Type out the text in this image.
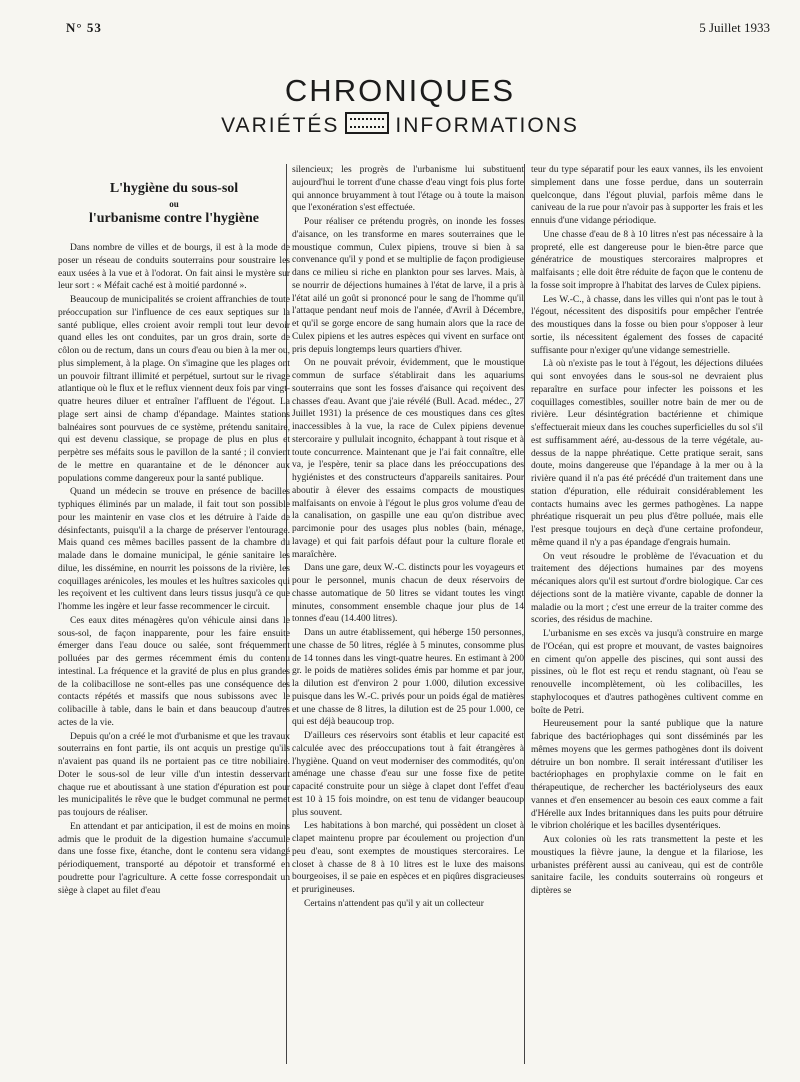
N° 53	5 Juillet 1933
CHRONIQUES
VARIÉTÉS	INFORMATIONS
L'hygiène du sous-sol
ou
l'urbanisme contre l'hygiène

Dans nombre de villes et de bourgs, il est à la mode de poser un réseau de conduits souterrains pour soustraire les eaux usées à la vue et à l'odorat. On fait ainsi le mystère sur leur sort : « Méfait caché est à moitié pardonné ».

Beaucoup de municipalités se croient affranchies de toute préoccupation sur l'influence de ces eaux septiques sur la santé publique, elles croient avoir rempli tout leur devoir quand elles les ont conduites, par un gros drain, sorte de côlon ou de rectum, dans un cours d'eau ou bien à la mer ou, plus simplement, à la plage. On s'imagine que les plages ont un pouvoir filtrant illimité et perpétuel, surtout sur le rivage atlantique où le flux et le reflux viennent deux fois par vingt-quatre heures diluer et entraîner l'affluent de l'égout. La plage sert ainsi de champ d'épandage. Maintes stations balnéaires sont pourvues de ce système, prétendu sanitaire, qui est devenu classique, se propage de plus en plus et perpètre ses méfaits sous le pavillon de la santé ; il convient de le mettre en quarantaine et de le dénoncer aux populations comme dangereux pour la santé publique.

Quand un médecin se trouve en présence de bacilles typhiques éliminés par un malade, il fait tout son possible pour les maintenir en vase clos et les détruire à l'aide de désinfectants, puisqu'il a la charge de préserver l'entourage. Mais quand ces mêmes bacilles passent de la chambre du malade dans le domaine municipal, le génie sanitaire les dilue, les dissémine, en nourrit les poissons de la rivière, les coquillages arénicoles, les moules et les huîtres saxicoles qui les reçoivent et les cultivent dans leurs tissus jusqu'à ce que l'homme les ingère et leur fasse recommencer le circuit.

Ces eaux dites ménagères qu'on véhicule ainsi dans le sous-sol, de façon inapparente, pour les faire ensuite émerger dans l'eau douce ou salée, sont fréquemment polluées par des germes récemment émis du contenu intestinal. La fréquence et la gravité de plus en plus grandes de la colibacillose ne sont-elles pas une conséquence des contacts répétés et massifs que nous subissons avec le colibacille à table, dans le bain et dans beaucoup d'autres actes de la vie.

Depuis qu'on a créé le mot d'urbanisme et que les travaux souterrains en font partie, ils ont acquis un prestige qu'ils n'avaient pas quand ils ne portaient pas ce titre nobiliaire. Doter le sous-sol de leur ville d'un intestin desservant chaque rue et aboutissant à une station d'épuration est pour les municipalités le rêve que le budget communal ne permet pas toujours de réaliser.

En attendant et par anticipation, il est de moins en moins admis que le produit de la digestion humaine s'accumule dans une fosse fixe, étanche, dont le contenu sera vidangé périodiquement, transporté au dépotoir et transformé en poudrette pour l'agriculture. A cette fosse correspondait un siège à clapet au filet d'eau

silencieux; les progrès de l'urbanisme lui substituent aujourd'hui le torrent d'une chasse d'eau vingt fois plus forte qui annonce bruyamment à tout l'étage ou à toute la maison que l'exonération s'est effectuée.

Pour réaliser ce prétendu progrès, on inonde les fosses d'aisance, on les transforme en mares souterraines que le moustique commun, Culex pipiens, trouve si bien à sa convenance qu'il y pond et se multiplie de façon prodigieuse dans ce milieu si riche en plankton pour ses larves. Mais, à se nourrir de déjections humaines à l'état de larve, il a pris à l'état ailé un goût si prononcé pour le sang de l'homme qu'il l'attaque pendant neuf mois de l'année, d'Avril à Décembre, et qu'il se gorge encore de sang humain alors que la race de Culex pipiens et les autres espèces qui vivent en surface ont pris depuis longtemps leurs quartiers d'hiver.

On ne pouvait prévoir, évidemment, que le moustique commun de surface s'établirait dans les aquariums souterrains que sont les fosses d'aisance qui reçoivent des chasses d'eau. Avant que j'aie révélé (Bull. Acad. médec., 27 Juillet 1931) la présence de ces moustiques dans ces gîtes inaccessibles à la vue, la race de Culex pipiens devenue stercoraire y pullulait incognito, échappant à tout risque et à toute concurrence. Maintenant que je l'ai fait connaître, elle va, je l'espère, tenir sa place dans les préoccupations des hygiénistes et des constructeurs d'appareils sanitaires. Pour aboutir à élever des essaims compacts de moustiques malfaisants on envoie à l'égout le plus gros volume d'eau de la canalisation, on gaspille une eau qu'on distribue avec parcimonie pour des usages plus nobles (bain, ménage, lavage) et qui fait parfois défaut pour la culture florale et maraîchère.

Dans une gare, deux W.-C. distincts pour les voyageurs et pour le personnel, munis chacun de deux réservoirs de chasse automatique de 50 litres se vidant toutes les vingt minutes, consomment ensemble chaque jour plus de 14 tonnes d'eau (14.400 litres).

Dans un autre établissement, qui héberge 150 personnes, une chasse de 50 litres, réglée à 5 minutes, consomme plus de 14 tonnes dans les vingt-quatre heures. En estimant à 200 gr. le poids de matières solides émis par homme et par jour, la dilution est d'environ 2 pour 1.000, dilution excessive puisque dans les W.-C. privés pour un poids égal de matières et une chasse de 8 litres, la dilution est de 25 pour 1.000, ce qui est déjà beaucoup trop.

D'ailleurs ces réservoirs sont établis et leur capacité est calculée avec des préoccupations tout à fait étrangères à l'hygiène. Quand on veut moderniser des commodités, qu'on aménage une chasse d'eau sur une fosse fixe de petite capacité construite pour un siège à clapet dont l'effet d'eau est 10 à 15 fois moindre, on est tenu de vidanger beaucoup plus souvent.

Les habitations à bon marché, qui possèdent un closet à clapet maintenu propre par écoulement ou projection d'un peu d'eau, sont exemptes de moustiques stercoraires. Le closet à chasse de 8 à 10 litres est le luxe des maisons bourgeoises, il se paie en espèces et en piqûres disgracieuses et prurigineuses.

Certains n'attendent pas qu'il y ait un collecteur

teur du type séparatif pour les eaux vannes, ils les envoient simplement dans une fosse perdue, dans un souterrain quelconque, dans l'égout pluvial, parfois même dans le caniveau de la rue pour n'avoir pas à supporter les frais et les ennuis d'une vidange périodique.

Une chasse d'eau de 8 à 10 litres n'est pas nécessaire à la propreté, elle est dangereuse pour le bien-être parce que génératrice de moustiques stercoraires malpropres et malfaisants ; elle doit être réduite de façon que le contenu de la fosse soit impropre à l'habitat des larves de Culex pipiens.

Les W.-C., à chasse, dans les villes qui n'ont pas le tout à l'égout, nécessitent des dispositifs pour empêcher l'entrée des moustiques dans la fosse ou bien pour s'opposer à leur sortie, ils nécessitent également des fosses de capacité suffisante pour n'exiger qu'une vidange semestrielle.

Là où n'existe pas le tout à l'égout, les déjections diluées qui sont envoyées dans le sous-sol ne devraient plus reparaître en surface pour infecter les poissons et les coquillages comestibles, souiller notre bain de mer ou de rivière. Leur désintégration bactérienne et chimique s'effectuerait mieux dans les couches superficielles du sol s'il est suffisamment aéré, au-dessous de la terre végétale, au-dessus de la nappe phréatique. Cette pratique serait, sans doute, moins dangereuse que l'épandage à la mer ou à la rivière quand il n'a pas été précédé d'un traitement dans une station d'épuration, elle réduirait considérablement les contacts humains avec les germes pathogènes. La nappe phréatique risquerait un peu plus d'être polluée, mais elle l'est presque toujours en deçà d'une certaine profondeur, même quand il n'y a pas épandage d'engrais humain.

On veut résoudre le problème de l'évacuation et du traitement des déjections humaines par des moyens mécaniques alors qu'il est surtout d'ordre biologique. Car ces déjections sont de la matière vivante, capable de donner la maladie ou la mort ; c'est une erreur de la traiter comme des scories, des résidus de machine.

L'urbanisme en ses excès va jusqu'à construire en marge de l'Océan, qui est propre et mouvant, de vastes baignoires en ciment qu'on appelle des piscines, qui sont aussi des pissines, où le flot est reçu et rendu stagnant, où l'eau se renouvelle incomplètement, où les colibacilles, les staphylocoques et d'autres pathogènes cultivent comme en boîte de Petri.

Heureusement pour la santé publique que la nature fabrique des bactériophages qui sont disséminés par les mêmes moyens que les germes pathogènes dont ils doivent détruire un bon nombre. Il serait intéressant d'utiliser les bactériophages en prophylaxie comme on le fait en thérapeutique, de rechercher les bactériolyseurs des eaux vannes et d'en ensemencer au besoin ces eaux comme a fait d'Hérelle aux Indes britanniques dans les puits pour détruire le vibrion cholérique et les bacilles dysentériques.

Aux colonies où les rats transmettent la peste et les moustiques la fièvre jaune, la dengue et la filariose, les urbanistes préfèrent aussi au caniveau, qui est de contrôle sanitaire facile, les conduits souterrains où rongeurs et diptères se
